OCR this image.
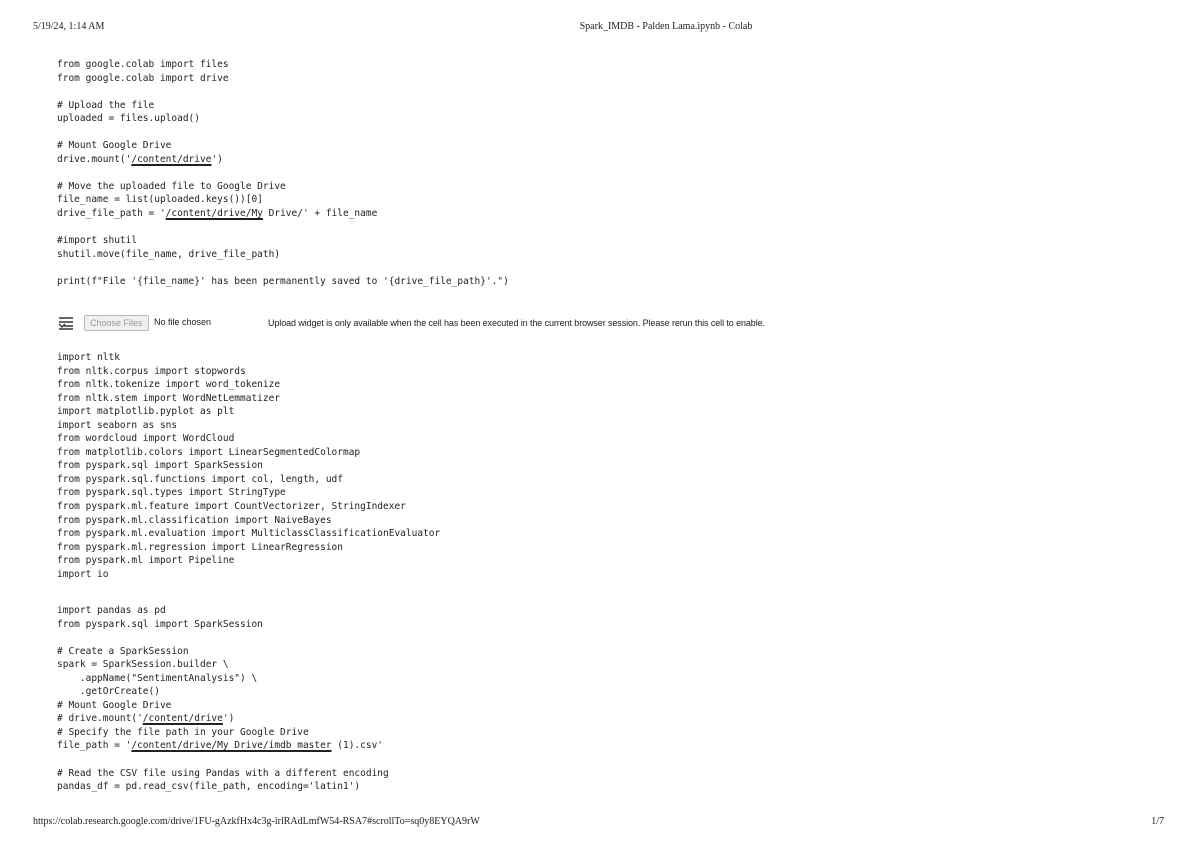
5/19/24, 1:14 AM	Spark_IMDB - Palden Lama.ipynb - Colab
from google.colab import files
from google.colab import drive

# Upload the file
uploaded = files.upload()

# Mount Google Drive
drive.mount('/content/drive')

# Move the uploaded file to Google Drive
file_name = list(uploaded.keys())[0]
drive_file_path = '/content/drive/My Drive/' + file_name

#import shutil
shutil.move(file_name, drive_file_path)

print(f"File '{file_name}' has been permanently saved to '{drive_file_path}'.")
Choose Files	No file chosen	Upload widget is only available when the cell has been executed in the current browser session. Please rerun this cell to enable.
import nltk
from nltk.corpus import stopwords
from nltk.tokenize import word_tokenize
from nltk.stem import WordNetLemmatizer
import matplotlib.pyplot as plt
import seaborn as sns
from wordcloud import WordCloud
from matplotlib.colors import LinearSegmentedColormap
from pyspark.sql import SparkSession
from pyspark.sql.functions import col, length, udf
from pyspark.sql.types import StringType
from pyspark.ml.feature import CountVectorizer, StringIndexer
from pyspark.ml.classification import NaiveBayes
from pyspark.ml.evaluation import MulticlassClassificationEvaluator
from pyspark.ml.regression import LinearRegression
from pyspark.ml import Pipeline
import io
import pandas as pd
from pyspark.sql import SparkSession

# Create a SparkSession
spark = SparkSession.builder \
.appName("SentimentAnalysis") \
.getOrCreate()
# Mount Google Drive
# drive.mount('/content/drive')
# Specify the file path in your Google Drive
file_path = '/content/drive/My Drive/imdb_master (1).csv'

# Read the CSV file using Pandas with a different encoding
pandas_df = pd.read_csv(file_path, encoding='latin1')
https://colab.research.google.com/drive/1FU-gAzkfHx4c3g-irlRAdLmfW54-RSA7#scrollTo=sq0y8EYQA9rW	1/7
